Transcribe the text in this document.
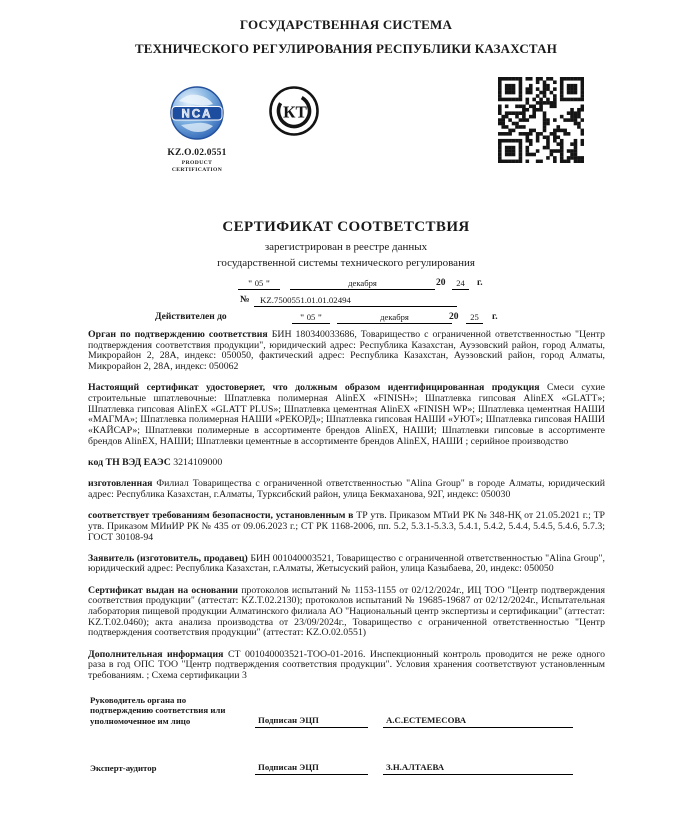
ГОСУДАРСТВЕННАЯ СИСТЕМА
ТЕХНИЧЕСКОГО РЕГУЛИРОВАНИЯ РЕСПУБЛИКИ КАЗАХСТАН
NCA
KZ.O.02.0551
PRODUCT
CERTIFICATION
КТ
СЕРТИФИКАТ СООТВЕТСТВИЯ
зарегистрирован в реестре данных
государственной системы технического регулирования
" 05 "	декабря	20	24	г.
№	KZ.7500551.01.01.02494
Действителен до	" 05 "	декабря	20	25	г.

Орган по подтверждению соответствия БИН 180340033686, Товарищество с ограниченной ответственностью "Центр подтверждения соответствия продукции", юридический адрес: Республика Казахстан, Ауэзовский район, город Алматы, Микрорайон 2, 28А, индекс: 050050, фактический адрес: Республика Казахстан, Ауэзовский район, город Алматы, Микрорайон 2, 28А, индекс: 050062

Настоящий сертификат удостоверяет, что должным образом идентифицированная продукция Смеси сухие строительные шпатлевочные: Шпатлевка полимерная AlinEX «FINISH»; Шпатлевка гипсовая AlinEX «GLATT»; Шпатлевка гипсовая AlinEX «GLATT PLUS»; Шпатлевка цементная AlinEX «FINISH WP»; Шпатлевка цементная НАШИ «МАГМА»; Шпатлевка полимерная НАШИ «РЕКОРД»; Шпатлевка гипсовая НАШИ «УЮТ»; Шпатлевка гипсовая НАШИ «КАЙСАР»; Шпатлевки полимерные в ассортименте брендов AlinEX, НАШИ; Шпатлевки гипсовые в ассортименте брендов AlinEX, НАШИ; Шпатлевки цементные в ассортименте брендов AlinEX, НАШИ ; серийное производство

код ТН ВЭД ЕАЭС 3214109000

изготовленная Филиал Товарищества с ограниченной ответственностью "Alina Group" в городе Алматы, юридический адрес: Республика Казахстан, г.Алматы, Турксибский район, улица Бекмаханова, 92Г, индекс: 050030

соответствует требованиям безопасности, установленным в ТР утв. Приказом МТиИ РК № 348-НҚ от 21.05.2021 г.; ТР утв. Приказом МИиИР РК № 435 от 09.06.2023 г.; СТ РК 1168-2006, пп. 5.2, 5.3.1-5.3.3, 5.4.1, 5.4.2, 5.4.4, 5.4.5, 5.4.6, 5.7.3; ГОСТ 30108-94

Заявитель (изготовитель, продавец) БИН 001040003521, Товарищество с ограниченной ответственностью "Alina Group", юридический адрес: Республика Казахстан, г.Алматы, Жетысуский район, улица Казыбаева, 20, индекс: 050050

Сертификат выдан на основании протоколов испытаний № 1153-1155 от 02/12/2024г., ИЦ ТОО "Центр подтверждения соответствия продукции" (аттестат: KZ.T.02.2130); протоколов испытаний № 19685-19687 от 02/12/2024г., Испытательная лаборатория пищевой продукции Алматинского филиала АО "Национальный центр экспертизы и сертификации" (аттестат: KZ.T.02.0460); акта анализа производства от 23/09/2024г., Товарищество с ограниченной ответственностью "Центр подтверждения соответствия продукции" (аттестат: KZ.O.02.0551)

Дополнительная информация СТ 001040003521-ТОО-01-2016. Инспекционный контроль проводится не реже одного раза в год ОПС ТОО "Центр подтверждения соответствия продукции". Условия хранения соответствуют установленным требованиям. ; Схема сертификации 3

Руководитель органа по
подтверждению соответствия или
уполномоченное им лицо	Подписан ЭЦП	А.С.ЕСТЕМЕСОВА
Эксперт-аудитор	Подписан ЭЦП	З.Н.АЛТАЕВА
